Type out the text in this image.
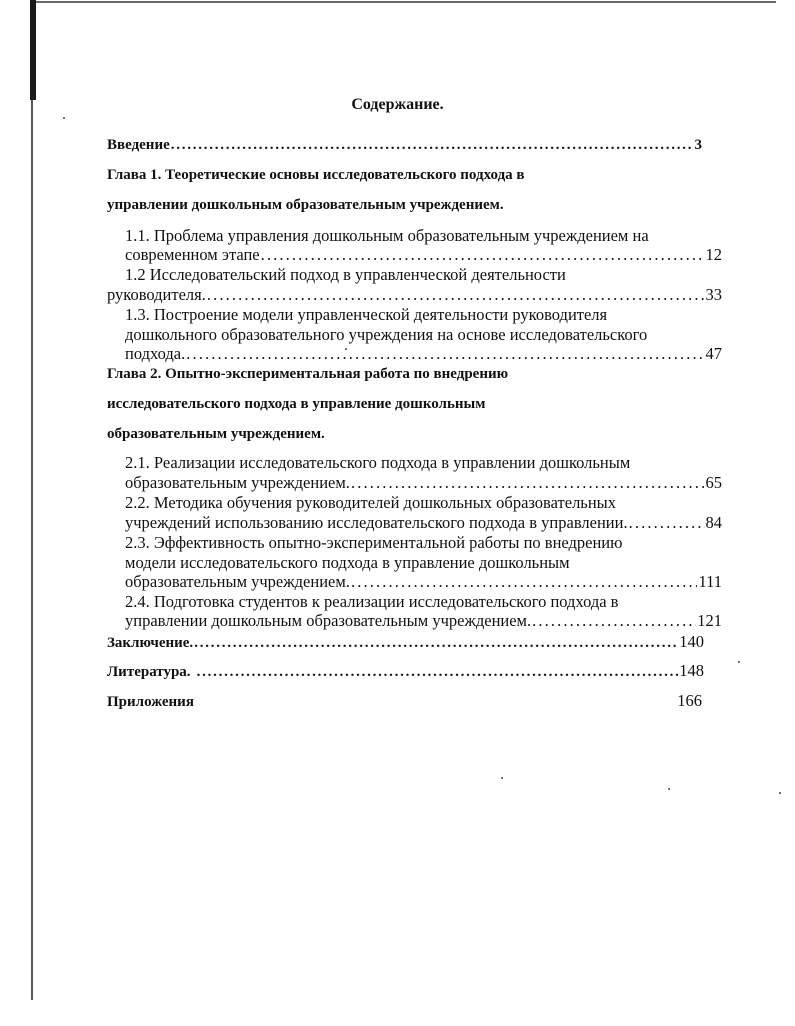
Содержание.
Введение . . .	3
Глава 1. Теоретические основы исследовательского подхода в
управлении дошкольным образовательным учреждением.
1.1. Проблема управления дошкольным образовательным учреждением на
современном этапе . . .	12
1.2 Исследовательский подход в управленческой деятельности
руководителя. . . .	33
1.3. Построение модели управленческой деятельности руководителя
дошкольного образовательного учреждения на основе исследовательского
подхода. . . .	47
Глава 2. Опытно-экспериментальная работа по внедрению
исследовательского подхода в управление дошкольным
образовательным учреждением.
2.1. Реализации исследовательского подхода в управлении дошкольным
образовательным учреждением. . . .	65
2.2. Методика обучения руководителей дошкольных образовательных
учреждений использованию исследовательского подхода в управлении. . . .	84
2.3. Эффективность опытно-экспериментальной работы по внедрению
модели исследовательского подхода в управление дошкольным
образовательным учреждением. . . .	111
2.4. Подготовка студентов к реализации исследовательского подхода в
управлении дошкольным образовательным учреждением. . . .	121
Заключение. . . .	140
Литература. . . .	148
Приложения	166
